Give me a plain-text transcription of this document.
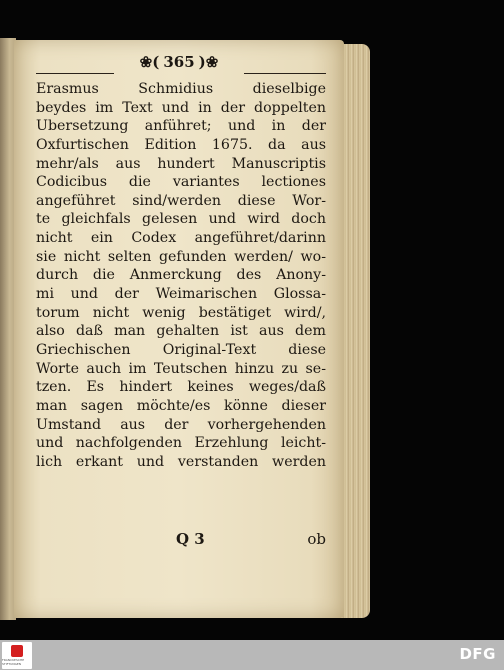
❀( 365 )❀
Erasmus Schmidius dieselbige
beydes im Text und in der doppelten
Ubersetzung anführet; und in der
Oxfurtischen Edition 1675. da aus
mehr/als aus hundert Manuscriptis
Codicibus die variantes lectiones
angeführet sind/werden diese Wor-
te gleichfals gelesen und wird doch
nicht ein Codex angeführet/darinn
sie nicht selten gefunden werden/ wo-
durch die Anmerckung des Anony-
mi und der Weimarischen Glossa-
torum nicht wenig bestätiget wird/,
also daß man gehalten ist aus dem
Griechischen Original-Text diese
Worte auch im Teutschen hinzu zu se-
tzen. Es hindert keines weges/daß
man sagen möchte/es könne dieser
Umstand aus der vorhergehenden
und nachfolgenden Erzehlung leicht-
lich erkant und verstanden werden
Q 3	ob
FRANCKESCHE STIFTUNGEN
DFG
